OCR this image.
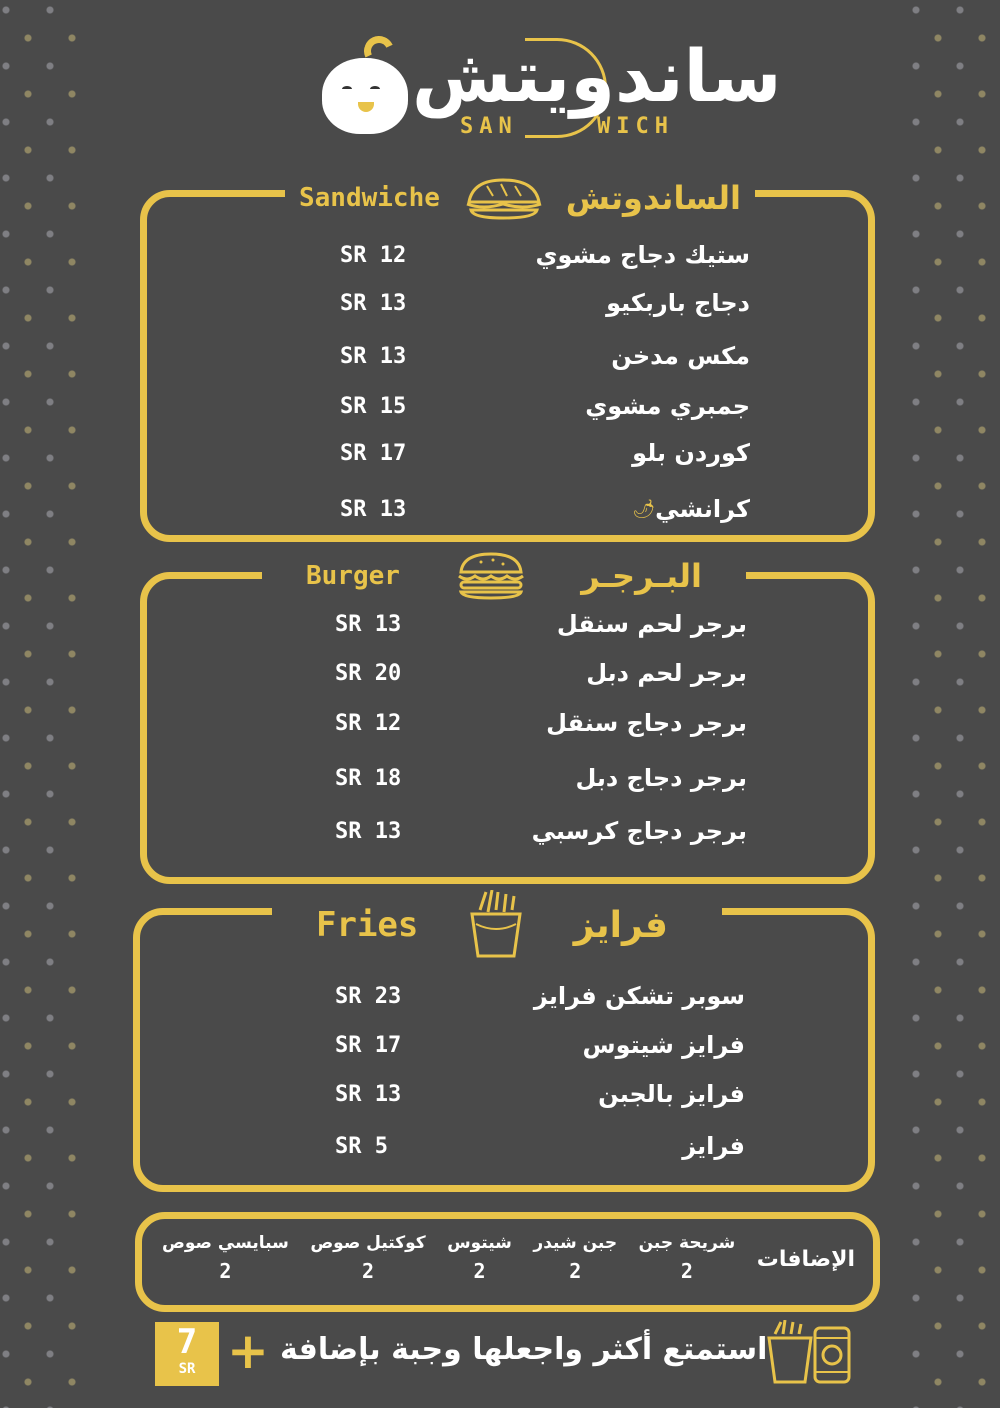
ساندويتش
SAN	WICH
Sandwiche	الساندوتش
SR 12	ستيك دجاج مشوي
SR 13	دجاج باربكيو
SR 13	مكس مدخن
SR 15	جمبري مشوي
SR 17	كوردن بلو
SR 13	🌶 كرانشي
Burger	البـرجـر
SR 13	برجر لحم سنقل
SR 20	برجر لحم دبل
SR 12	برجر دجاج سنقل
SR 18	برجر دجاج دبل
SR 13	برجر دجاج كرسبي
Fries	فرايز
SR 23	سوبر تشكن فرايز
SR 17	فرايز شيتوس
SR 13	فرايز بالجبن
SR 5	فرايز
الإضافات
شريحة جبن
2
جبن شيدر
2
شيتوس
2
كوكتيل صوص
2
سبايسي صوص
2
7
SR + استمتع أكثر واجعلها وجبة بإضافة
